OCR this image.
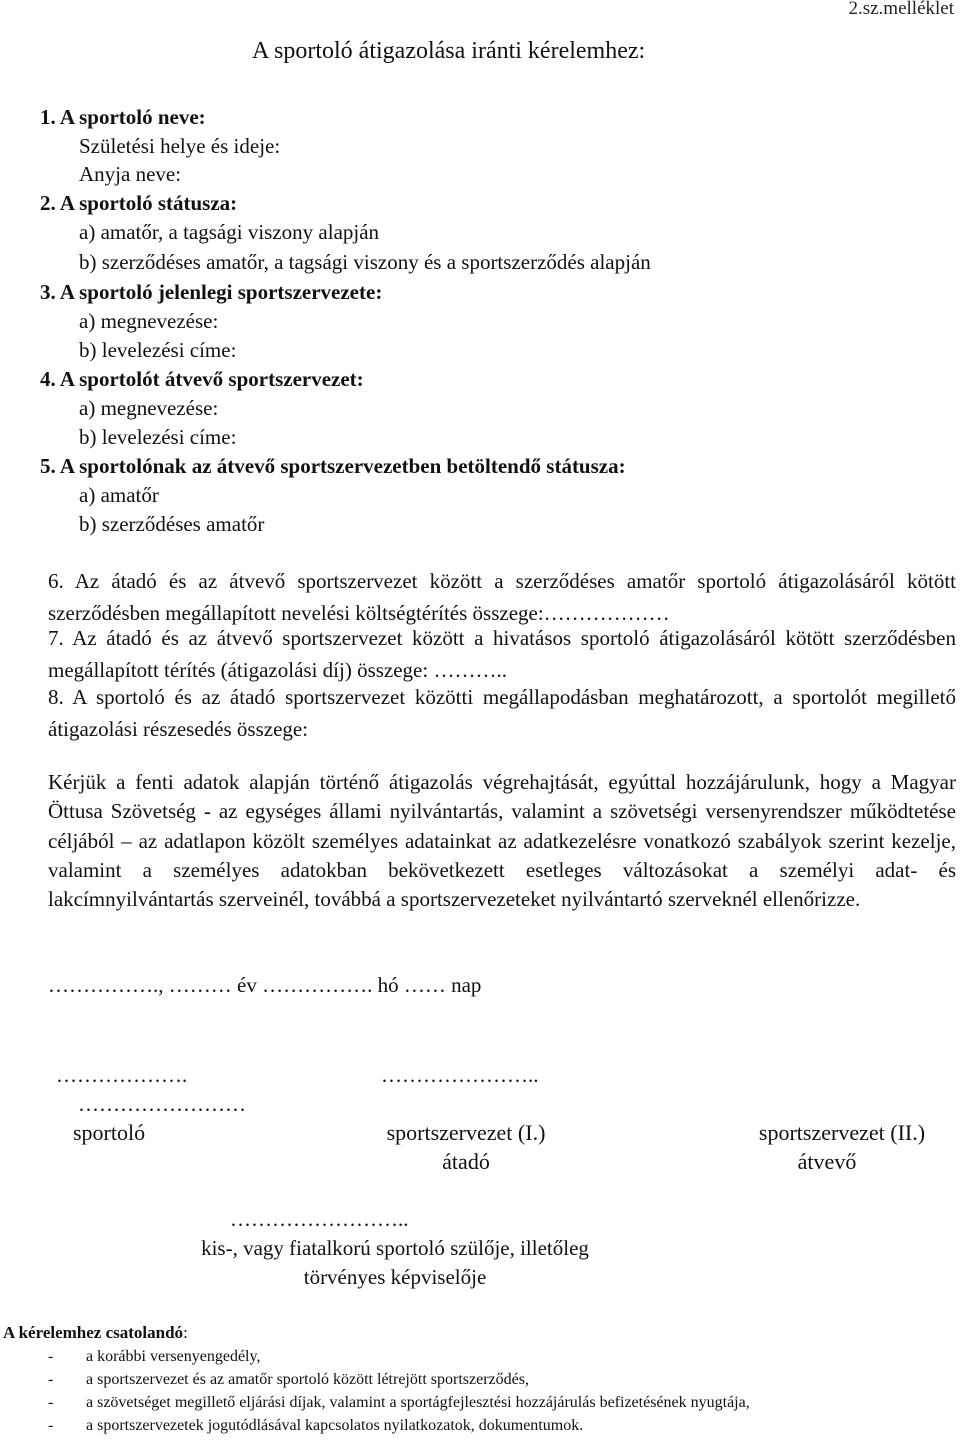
2.sz.melléklet
A sportoló átigazolása iránti kérelemhez:
1. A sportoló neve:
Születési helye és ideje:
Anyja neve:
2. A sportoló státusza:
a) amatőr, a tagsági viszony alapján
b) szerződéses amatőr, a tagsági viszony és a sportszerződés alapján
3. A sportoló jelenlegi sportszervezete:
a) megnevezése:
b) levelezési címe:
4. A sportolót átvevő sportszervezet:
a) megnevezése:
b) levelezési címe:
5. A sportolónak az átvevő sportszervezetben betöltendő státusza:
a) amatőr
b) szerződéses amatőr
6. Az átadó és az átvevő sportszervezet között a szerződéses amatőr sportoló átigazolásáról kötött szerződésben megállapított nevelési költségtérítés összege:………………
7. Az átadó és az átvevő sportszervezet között a hivatásos sportoló átigazolásáról kötött szerződésben megállapított térítés (átigazolási díj) összege: ………..
8. A sportoló és az átadó sportszervezet közötti megállapodásban meghatározott, a sportolót megillető átigazolási részesedés összege:
Kérjük a fenti adatok alapján történő átigazolás végrehajtását, egyúttal hozzájárulunk, hogy a Magyar Öttusa Szövetség - az egységes állami nyilvántartás, valamint a szövetségi versenyrendszer működtetése céljából – az adatlapon közölt személyes adatainkat az adatkezelésre vonatkozó szabályok szerint kezelje, valamint a személyes adatokban bekövetkezett esetleges változásokat a személyi adat- és lakcímnyilvántartás szerveinél, továbbá a sportszervezeteket nyilvántartó szerveknél ellenőrizze.
……………., ……… év ……………. hó …… nap
……………….
……………………
…………………..
sportoló	sportszervezet (I.)
átadó
sportszervezet (II.)
átvevő
……………………..
kis-, vagy fiatalkorú sportoló szülője, illetőleg
törvényes képviselője
A kérelemhez csatolandó:
- a korábbi versenyengedély,
- a sportszervezet és az amatőr sportoló között létrejött sportszerződés,
- a szövetséget megillető eljárási díjak, valamint a sportágfejlesztési hozzájárulás befizetésének nyugtája,
- a sportszervezetek jogutódlásával kapcsolatos nyilatkozatok, dokumentumok.
